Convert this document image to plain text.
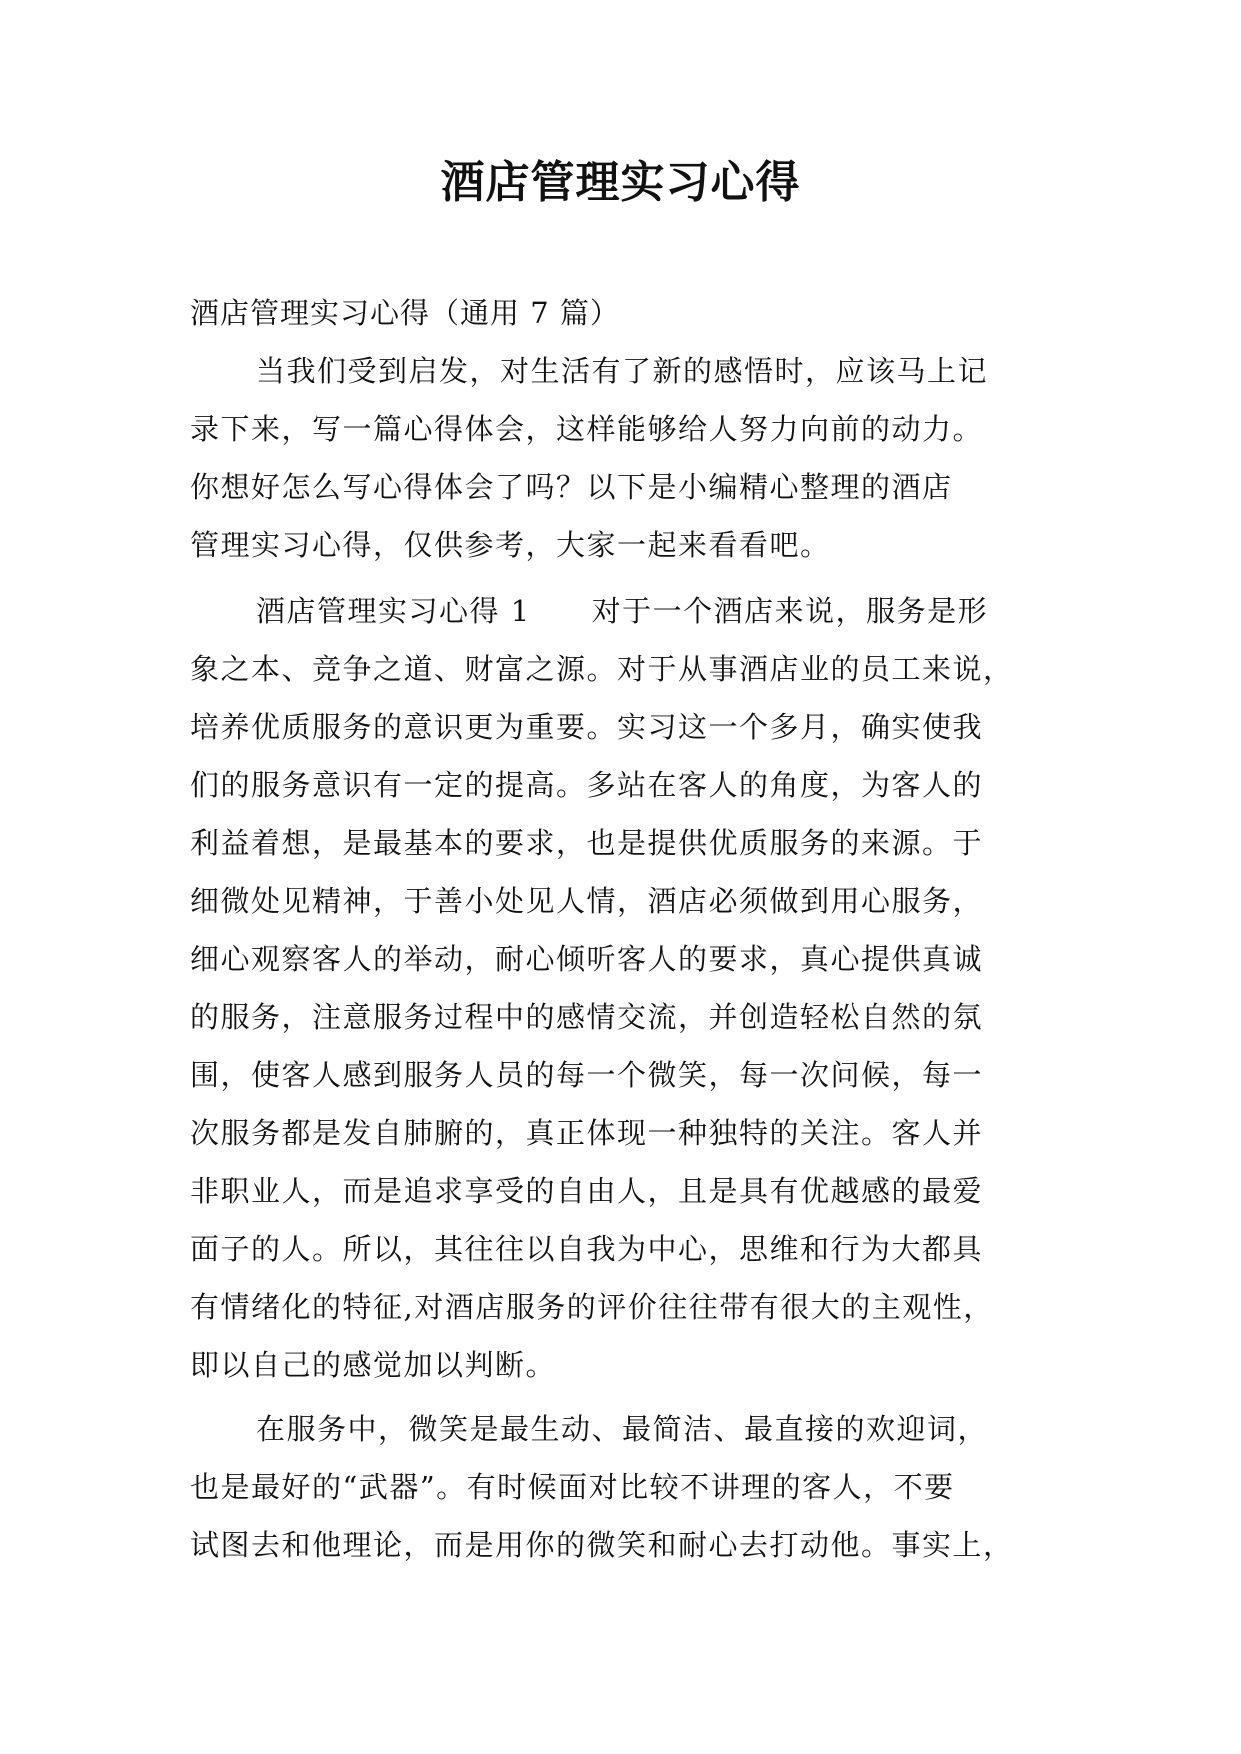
酒店管理实习心得

酒店管理实习心得（通用 7 篇）

当我们受到启发，对生活有了新的感悟时，应该马上记
录下来，写一篇心得体会，这样能够给人努力向前的动力。
你想好怎么写心得体会了吗？以下是小编精心整理的酒店
管理实习心得，仅供参考，大家一起来看看吧。

酒店管理实习心得 1　　对于一个酒店来说，服务是形
象之本、竞争之道、财富之源。对于从事酒店业的员工来说，
培养优质服务的意识更为重要。实习这一个多月，确实使我
们的服务意识有一定的提高。多站在客人的角度，为客人的
利益着想，是最基本的要求，也是提供优质服务的来源。于
细微处见精神，于善小处见人情，酒店必须做到用心服务，
细心观察客人的举动，耐心倾听客人的要求，真心提供真诚
的服务，注意服务过程中的感情交流，并创造轻松自然的氛
围，使客人感到服务人员的每一个微笑，每一次问候，每一
次服务都是发自肺腑的，真正体现一种独特的关注。客人并
非职业人，而是追求享受的自由人，且是具有优越感的最爱
面子的人。所以，其往往以自我为中心，思维和行为大都具
有情绪化的特征,对酒店服务的评价往往带有很大的主观性，
即以自己的感觉加以判断。

在服务中，微笑是最生动、最简洁、最直接的欢迎词，
也是最好的“武器”。有时候面对比较不讲理的客人，不要
试图去和他理论，而是用你的微笑和耐心去打动他。事实上，
